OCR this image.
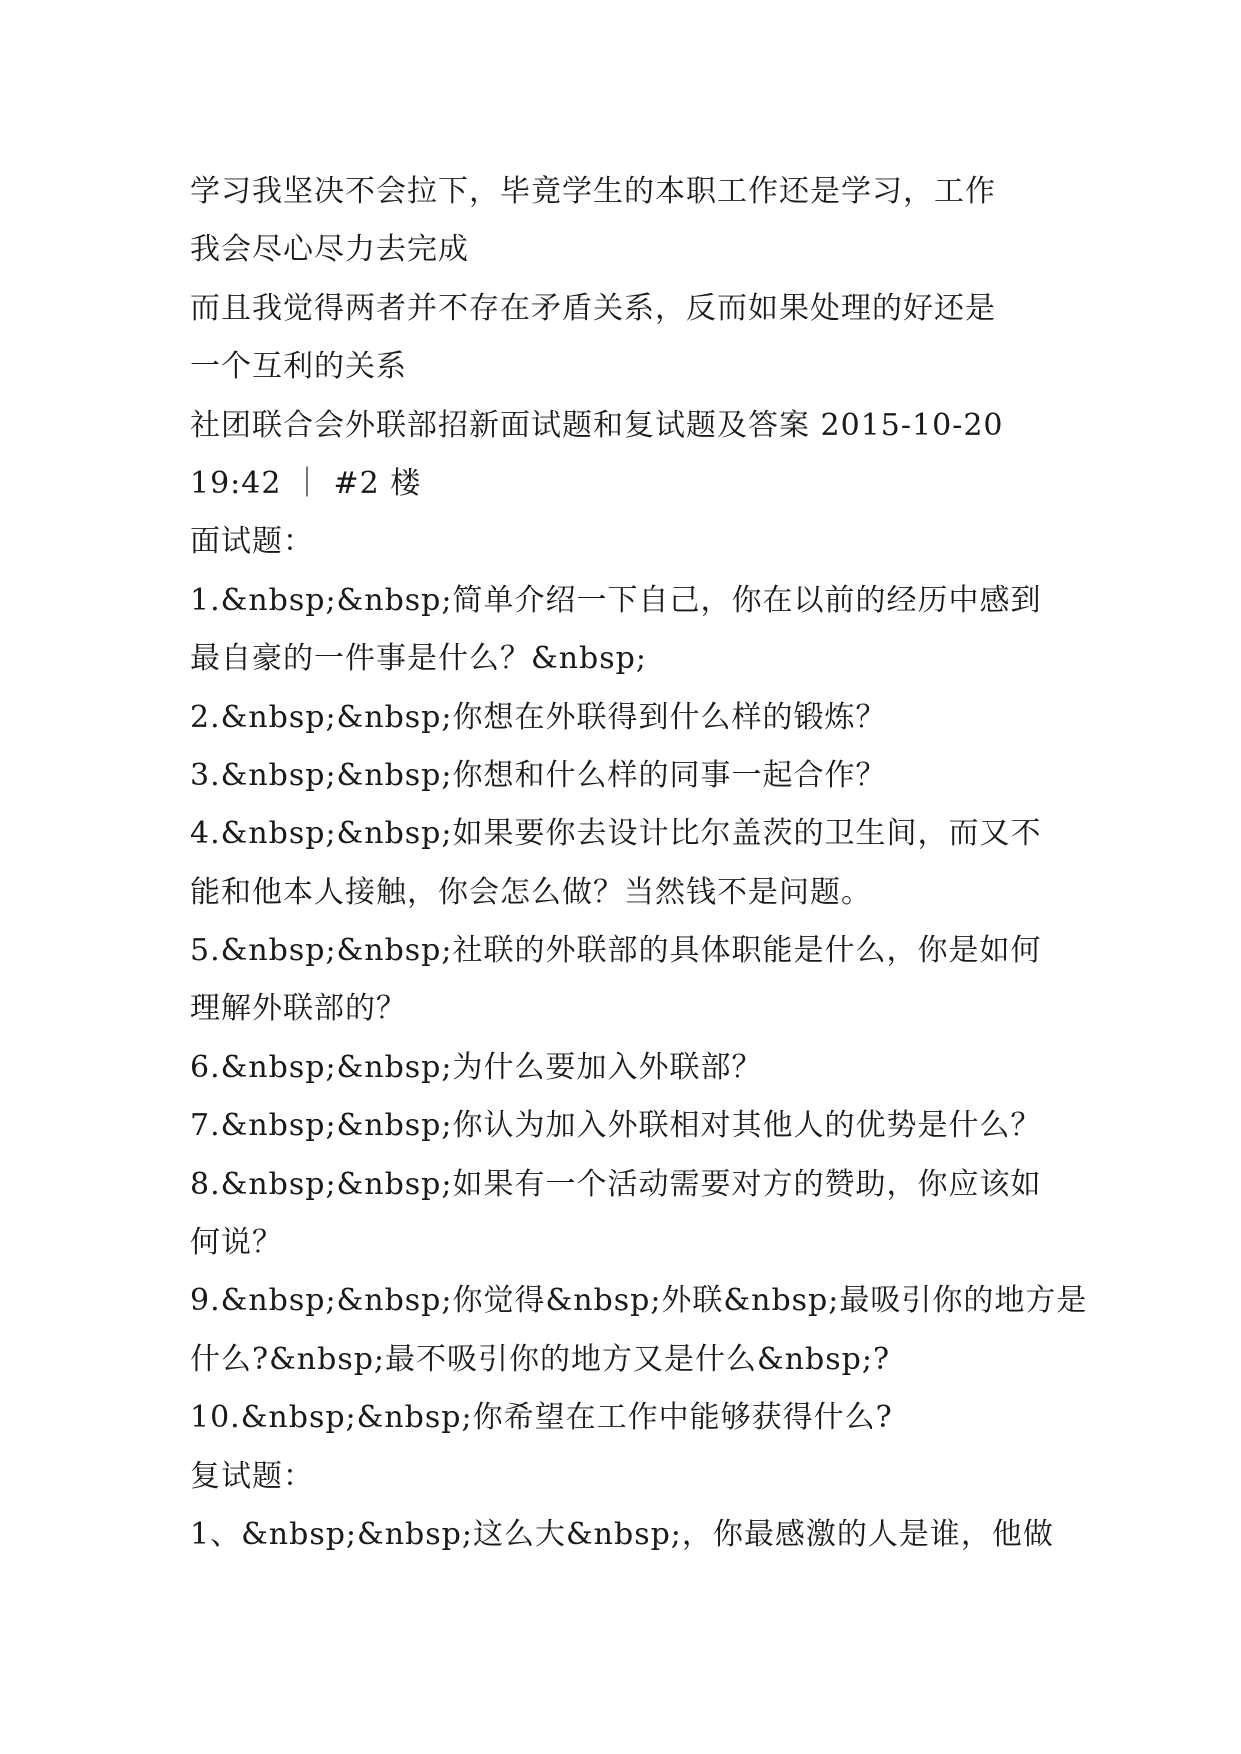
学习我坚决不会拉下，毕竟学生的本职工作还是学习，工作
我会尽心尽力去完成
而且我觉得两者并不存在矛盾关系，反而如果处理的好还是
一个互利的关系
社团联合会外联部招新面试题和复试题及答案 2015-10-20
19:42 ｜ #2 楼
面试题：
1.&nbsp;&nbsp;简单介绍一下自己，你在以前的经历中感到
最自豪的一件事是什么？&nbsp;
2.&nbsp;&nbsp;你想在外联得到什么样的锻炼？
3.&nbsp;&nbsp;你想和什么样的同事一起合作？
4.&nbsp;&nbsp;如果要你去设计比尔盖茨的卫生间，而又不
能和他本人接触，你会怎么做？当然钱不是问题。
5.&nbsp;&nbsp;社联的外联部的具体职能是什么，你是如何
理解外联部的？
6.&nbsp;&nbsp;为什么要加入外联部？
7.&nbsp;&nbsp;你认为加入外联相对其他人的优势是什么？
8.&nbsp;&nbsp;如果有一个活动需要对方的赞助，你应该如
何说？
9.&nbsp;&nbsp;你觉得&nbsp;外联&nbsp;最吸引你的地方是
什么?&nbsp;最不吸引你的地方又是什么&nbsp;?
10.&nbsp;&nbsp;你希望在工作中能够获得什么?
复试题：
1、&nbsp;&nbsp;这么大&nbsp;，你最感激的人是谁，他做
